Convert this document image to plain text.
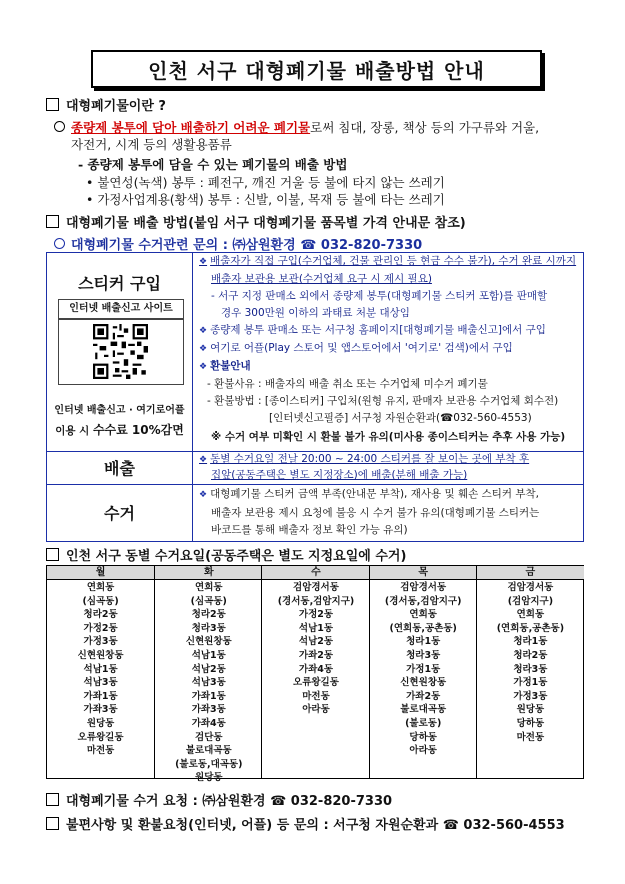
인천 서구 대형폐기물 배출방법 안내
대형폐기물이란 ?
종량제 봉투에 담아 배출하기 어려운 폐기물로써 침대, 장롱, 책상 등의 가구류와 거울,
자전거, 시계 등의 생활용품류
- 종량제 봉투에 담을 수 있는 폐기물의 배출 방법
• 불연성(녹색) 봉투 : 폐전구, 깨진 거울 등 불에 타지 않는 쓰레기
• 가정사업계용(황색) 봉투 : 신발, 이불, 목재 등 불에 타는 쓰레기
대형폐기물 배출 방법(붙임 서구 대형폐기물 품목별 가격 안내문 참조)
대형폐기물 수거관련 문의 : ㈜삼원환경 ☎ 032-820-7330
스티커 구입
인터넷 배출신고 사이트
인터넷 배출신고 · 여기로어플
이용 시 수수료 10%감면
❖ 배출자가 직접 구입(수거업체, 건물 관리인 등 현금 수수 불가), 수거 완료 시까지
배출자 보관용 보관(수거업체 요구 시 제시 필요)
- 서구 지정 판매소 외에서 종량제 봉투(대형폐기물 스티커 포함)를 판매할
경우 300만원 이하의 과태료 처분 대상임
❖ 종량제 봉투 판매소 또는 서구청 홈페이지[대형폐기물 배출신고]에서 구입
❖ 여기로 어플(Play 스토어 및 앱스토어에서 '여기로' 검색)에서 구입
❖ 환불안내
- 환불사유 : 배출자의 배출 취소 또는 수거업체 미수거 폐기물
- 환불방법 : [종이스티커] 구입처(원형 유지, 판매자 보관용 수거업체 회수전)
[인터넷신고필증] 서구청 자원순환과(☎032-560-4553)
※ 수거 여부 미확인 시 환불 불가 유의(미사용 종이스티커는 추후 사용 가능)
배출	❖ 동별 수거요일 전날 20:00 ~ 24:00 스티커를 잘 보이는 곳에 부착 후
집앞(공동주택은 별도 지정장소)에 배출(분해 배출 가능)
수거
❖ 대형폐기물 스티커 금액 부족(안내문 부착), 재사용 및 훼손 스티커 부착,
배출자 보관용 제시 요청에 불응 시 수거 불가 유의(대형폐기물 스티커는
바코드를 통해 배출자 정보 확인 가능 유의)
인천 서구 동별 수거요일(공동주택은 별도 지정요일에 수거)
월
연희동
(심곡동)
청라2동
가정2동
가정3동
신현원창동
석남1동
석남3동
가좌1동
가좌3동
원당동
오류왕길동
마전동
화
연희동
(심곡동)
청라2동
청라3동
신현원창동
석남1동
석남2동
석남3동
가좌1동
가좌3동
가좌4동
검단동
불로대곡동
(불로동,대곡동)
원당동
수
검암경서동
(경서동,검암지구)
가정2동
석남1동
석남2동
가좌2동
가좌4동
오류왕길동
마전동
아라동
목
검암경서동
(경서동,검암지구)
연희동
(연희동,공촌동)
청라1동
청라3동
가정1동
신현원창동
가좌2동
불로대곡동
(불로동)
당하동
아라동
금
검암경서동
(검암지구)
연희동
(연희동,공촌동)
청라1동
청라2동
청라3동
가정1동
가정3동
원당동
당하동
마전동
대형폐기물 수거 요청 : ㈜삼원환경 ☎ 032-820-7330
불편사항 및 환불요청(인터넷, 어플) 등 문의 : 서구청 자원순환과 ☎ 032-560-4553
